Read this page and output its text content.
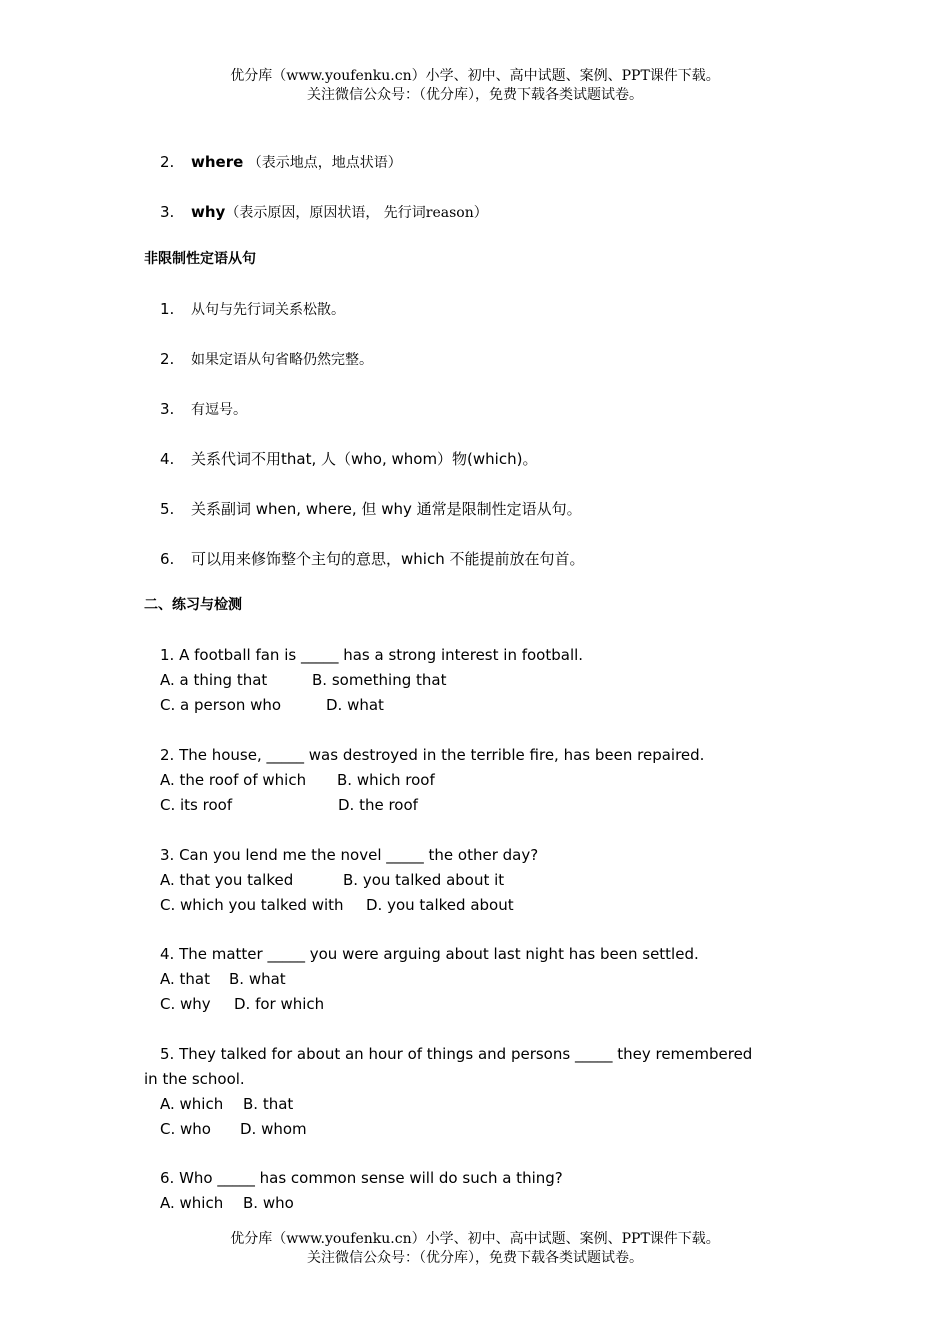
优分库（www.youfenku.cn）小学、初中、高中试题、案例、PPT课件下载。
关注微信公众号：（优分库），免费下载各类试题试卷。
2. where （表示地点，地点状语）
3. why（表示原因，原因状语， 先行词reason）
非限制性定语从句
1. 从句与先行词关系松散。
2. 如果定语从句省略仍然完整。
3. 有逗号。
4. 关系代词不用that, 人（who, whom）物(which)。
5. 关系副词 when, where, 但 why 通常是限制性定语从句。
6. 可以用来修饰整个主句的意思，which 不能提前放在句首。
二、练习与检测
1. A football fan is _____ has a strong interest in football.
A. a thing that	B. something that
C. a person who	D. what
2. The house, _____ was destroyed in the terrible fire, has been repaired.
A. the roof of which B. which roof
C. its roof	D. the roof
3. Can you lend me the novel _____ the other day?
A. that you talked	B. you talked about it
C. which you talked with D. you talked about
4. The matter _____ you were arguing about last night has been settled.
A. that B. what
C. why D. for which
5. They talked for about an hour of things and persons _____ they remembered
in the school.
A. which B. that
C. who D. whom
6. Who _____ has common sense will do such a thing?
A. which B. who
优分库（www.youfenku.cn）小学、初中、高中试题、案例、PPT课件下载。
关注微信公众号：（优分库），免费下载各类试题试卷。
